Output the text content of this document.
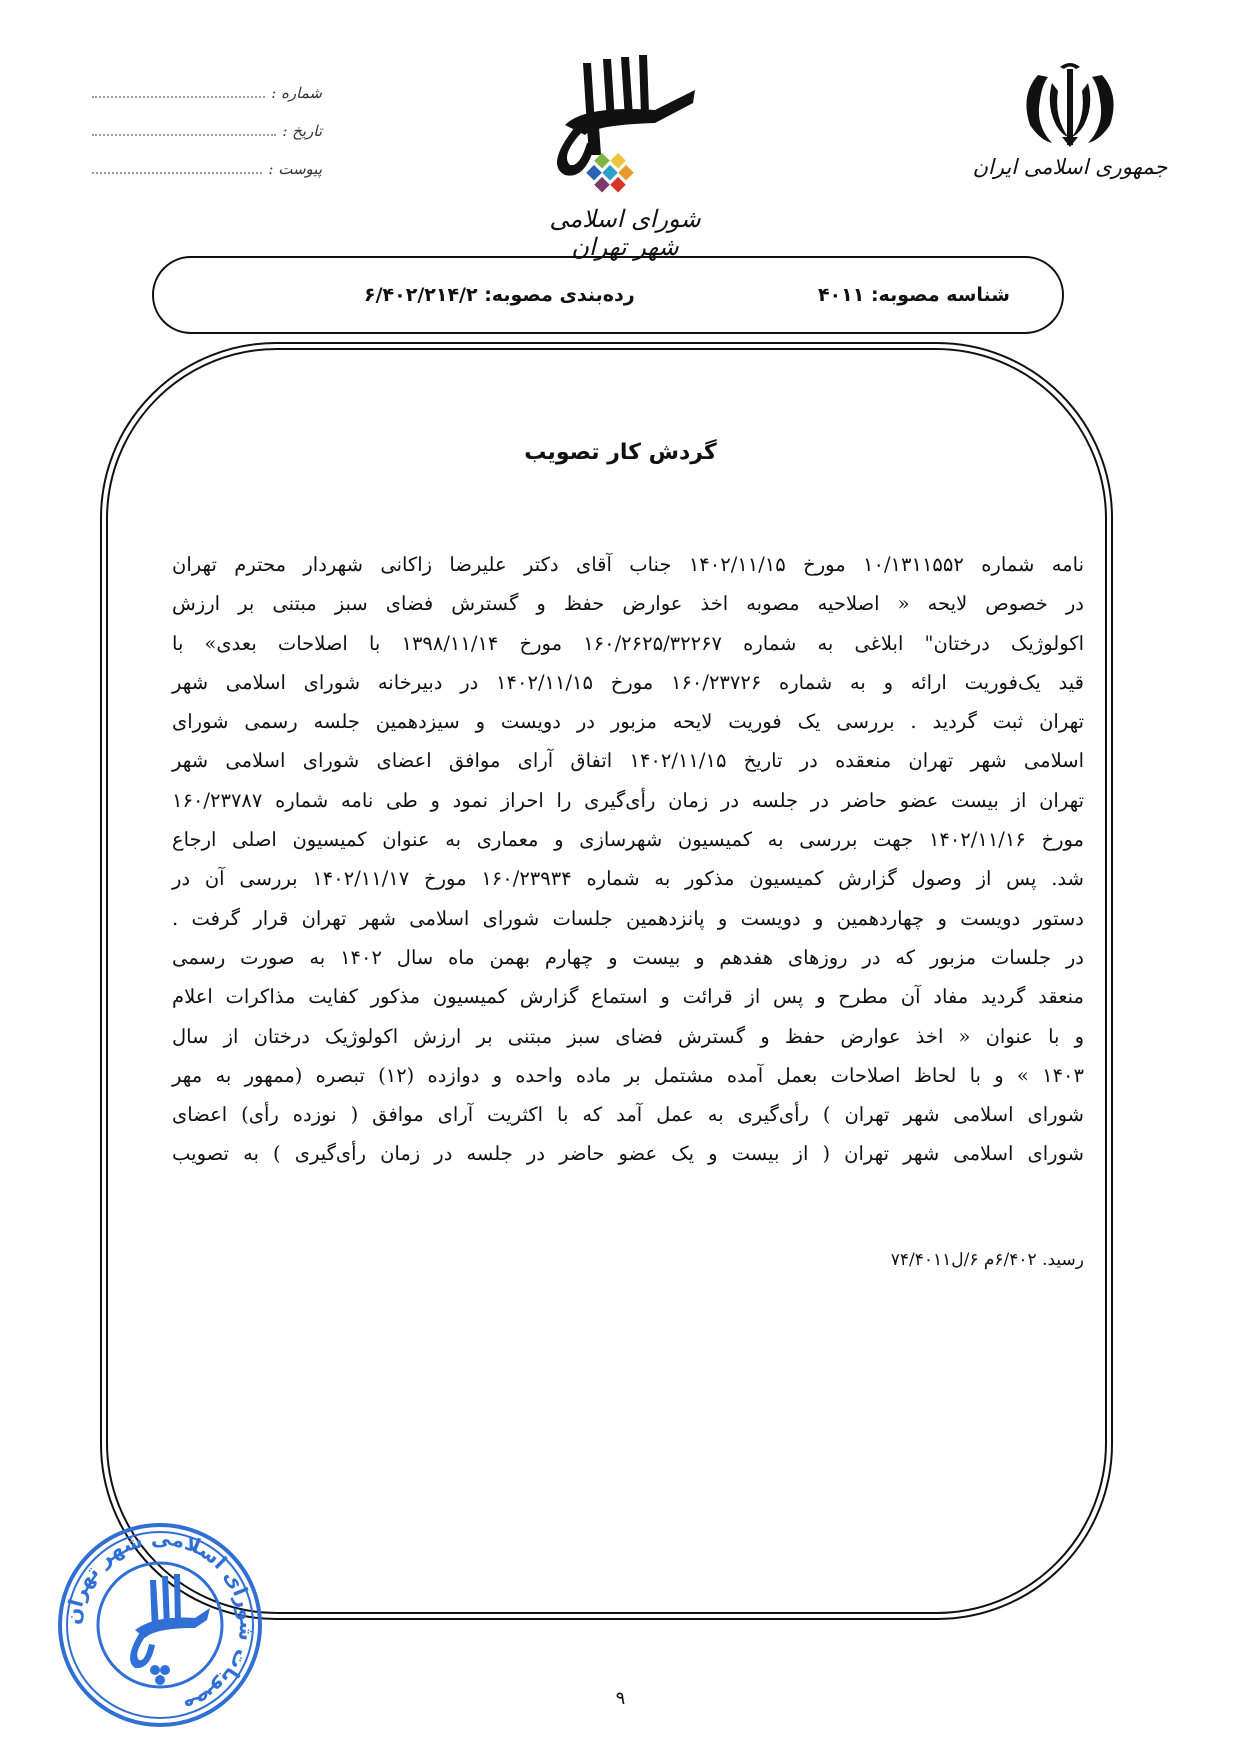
شماره :
تاریخ :
پیوست :
شورای اسلامی شهر تهران
جمهوری اسلامی ایران
شناسه مصوبه: ۴۰۱۱
رده‌بندی مصوبه: ۶/۴۰۲/۲۱۴/۲
گردش کار تصویب
نامه شماره ۱۰/۱۳۱۱۵۵۲ مورخ ۱۴۰۲/۱۱/۱۵ جناب آقای دکتر علیرضا زاکانی شهردار محترم تهران
در خصوص لایحه « اصلاحیه مصوبه اخذ عوارض حفظ و گسترش فضای سبز مبتنی بر ارزش
اکولوژیک درختان" ابلاغی به شماره ۱۶۰/۲۶۲۵/۳۲۲۶۷ مورخ ۱۳۹۸/۱۱/۱۴ با اصلاحات بعدی» با
قید یک‌فوریت ارائه و به شماره ۱۶۰/۲۳۷۲۶ مورخ ۱۴۰۲/۱۱/۱۵ در دبیرخانه شورای اسلامی شهر
تهران ثبت گردید . بررسی یک فوریت لایحه مزبور در دویست و سیزدهمین جلسه رسمی شورای
اسلامی شهر تهران منعقده در تاریخ ۱۴۰۲/۱۱/۱۵ اتفاق آرای موافق اعضای شورای اسلامی شهر
تهران از بیست عضو حاضر در جلسه در زمان رأی‌گیری را احراز نمود و طی نامه شماره ۱۶۰/۲۳۷۸۷
مورخ ۱۴۰۲/۱۱/۱۶ جهت بررسی به کمیسیون شهرسازی و معماری به عنوان کمیسیون اصلی ارجاع
شد. پس از وصول گزارش کمیسیون مذکور به شماره ۱۶۰/۲۳۹۳۴ مورخ ۱۴۰۲/۱۱/۱۷ بررسی آن در
دستور دویست و چهاردهمین و دویست و پانزدهمین جلسات شورای اسلامی شهر تهران قرار گرفت .
در جلسات مزبور که در روزهای هفدهم و بیست و چهارم بهمن ماه سال ۱۴۰۲ به صورت رسمی
منعقد گردید مفاد آن مطرح و پس از قرائت و استماع گزارش کمیسیون مذکور کفایت مذاکرات اعلام
و با عنوان « اخذ عوارض حفظ و گسترش فضای سبز مبتنی بر ارزش اکولوژیک درختان از سال
۱۴۰۳ » و با لحاظ اصلاحات بعمل آمده مشتمل بر ماده واحده و دوازده (۱۲) تبصره (ممهور به مهر
شورای اسلامی شهر تهران ) رأی‌گیری به عمل آمد که با اکثریت آرای موافق ( نوزده رأی) اعضای
شورای اسلامی شهر تهران ( از بیست و یک عضو حاضر در جلسه در زمان رأی‌گیری ) به تصویب
رسید. ۶/۴۰۲م ۶/ل۷۴/۴۰۱۱
مصوبات شورای اسلامی شهر تهران	۹
